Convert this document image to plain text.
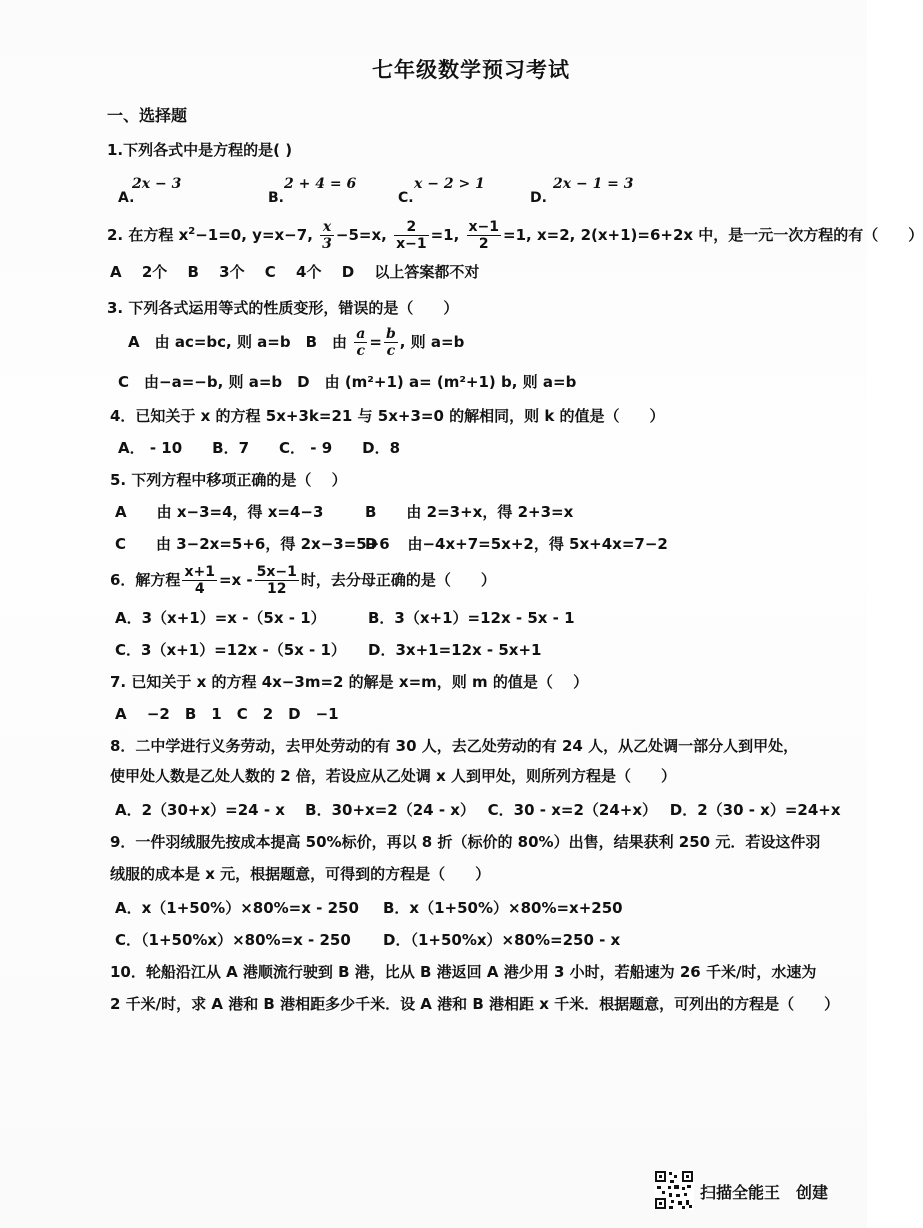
七年级数学预习考试
一、选择题
1.下列各式中是方程的是( )
A.
2x − 3
B.
2 + 4 = 6
C.
x − 2 > 1
D.
2x − 1 = 3
2. 在方程 $x^2-1=0$, y=x−7, $\frac{x}{3} -5=x$, $\frac{2}{x-1} =1$, $\frac{x-1}{2} =1$, x=2, 2(x+1)=6+2x 中，是一元一次方程的有（　　）
A　 2个　 B　 3个　 C　 4个　 D　 以上答案都不对
3. 下列各式运用等式的性质变形，错误的是（　　）
A　由 ac=bc, 则 a=b　B　由 $\frac{a}{c} = \frac{b}{c}$ , 则 a=b
C　由−a=−b, 则 a=b　D　由 (m²+1) a= (m²+1) b, 则 a=b
4．已知关于 x 的方程 5x+3k=21 与 5x+3=0 的解相同，则 k 的值是（　　）
A． - 10　　B．7　　C． - 9　　D．8
5. 下列方程中移项正确的是（　 ）
A　　由 x−3=4，得 x=4−3	B　　由 2=3+x，得 2+3=x
C　　由 3−2x=5+6，得 2x−3=5+6
D　　由−4x+7=5x+2，得 5x+4x=7−2
6．解方程 $\frac{x+1}{4} =x - \frac{5x-1}{12}$ 时，去分母正确的是（　　）
A．3（x+1）=x -（5x - 1）	B．3（x+1）=12x - 5x - 1
C．3（x+1）=12x -（5x - 1） D．3x+1=12x - 5x+1
7. 已知关于 x 的方程 4x−3m=2 的解是 x=m，则 m 的值是（　 ）
A　 −2　B　1　C　2　D　−1
8．二中学进行义务劳动，去甲处劳动的有 30 人，去乙处劳动的有 24 人，从乙处调一部分人到甲处，
使甲处人数是乙处人数的 2 倍，若设应从乙处调 x 人到甲处，则所列方程是（　　）
A．2（30+x）=24 - x　 B．30+x=2（24 - x）　 C．30 - x=2（24+x）　 D．2（30 - x）=24+x
9．一件羽绒服先按成本提高 50%标价，再以 8 折（标价的 80%）出售，结果获利 250 元．若设这件羽
绒服的成本是 x 元，根据题意，可得到的方程是（　　）
A．x（1+50%）×80%=x - 250 B．x（1+50%）×80%=x+250
C．（1+50%x）×80%=x - 250 D．（1+50%x）×80%=250 - x
10．轮船沿江从 A 港顺流行驶到 B 港，比从 B 港返回 A 港少用 3 小时，若船速为 26 千米/时，水速为
2 千米/时，求 A 港和 B 港相距多少千米．设 A 港和 B 港相距 x 千米．根据题意，可列出的方程是（　　）
扫描全能王　创建
